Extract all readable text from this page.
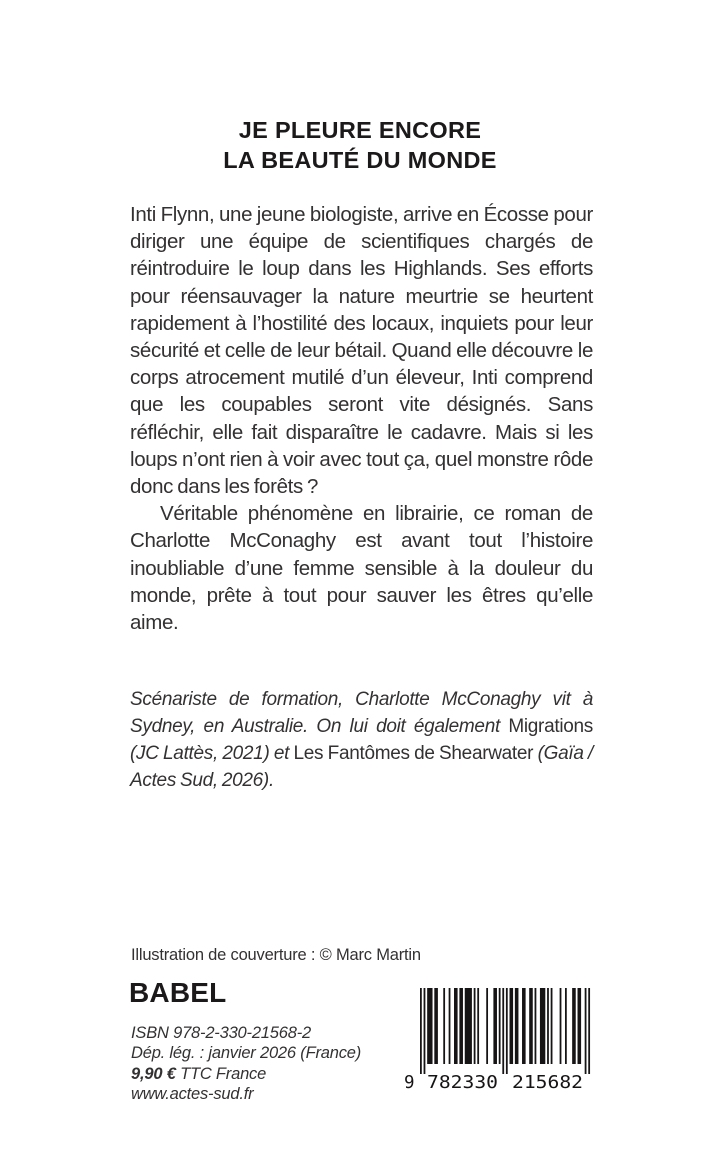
JE PLEURE ENCORE
LA BEAUTÉ DU MONDE

Inti Flynn, une jeune biologiste, arrive en Écosse pour diriger une équipe de scientifiques chargés de réintroduire le loup dans les Highlands. Ses efforts pour réensauvager la nature meurtrie se heurtent rapidement à l’hostilité des locaux, inquiets pour leur sécurité et celle de leur bétail. Quand elle découvre le corps atrocement mutilé d’un éleveur, Inti comprend que les coupables seront vite désignés. Sans réfléchir, elle fait disparaître le cadavre. Mais si les loups n’ont rien à voir avec tout ça, quel monstre rôde donc dans les forêts ?

Véritable phénomène en librairie, ce roman de Charlotte McConaghy est avant tout l’histoire inoubliable d’une femme sensible à la douleur du monde, prête à tout pour sauver les êtres qu’elle aime.

Scénariste de formation, Charlotte McConaghy vit à Sydney, en Australie. On lui doit également Migrations (JC Lattès, 2021) et Les Fantômes de Shearwater (Gaïa / Actes Sud, 2026).
Illustration de couverture : © Marc Martin
BABEL
ISBN 978-2-330-21568-2
Dép. lég. : janvier 2026 (France)
9,90 € TTC France
www.actes-sud.fr
9 782330 215682
